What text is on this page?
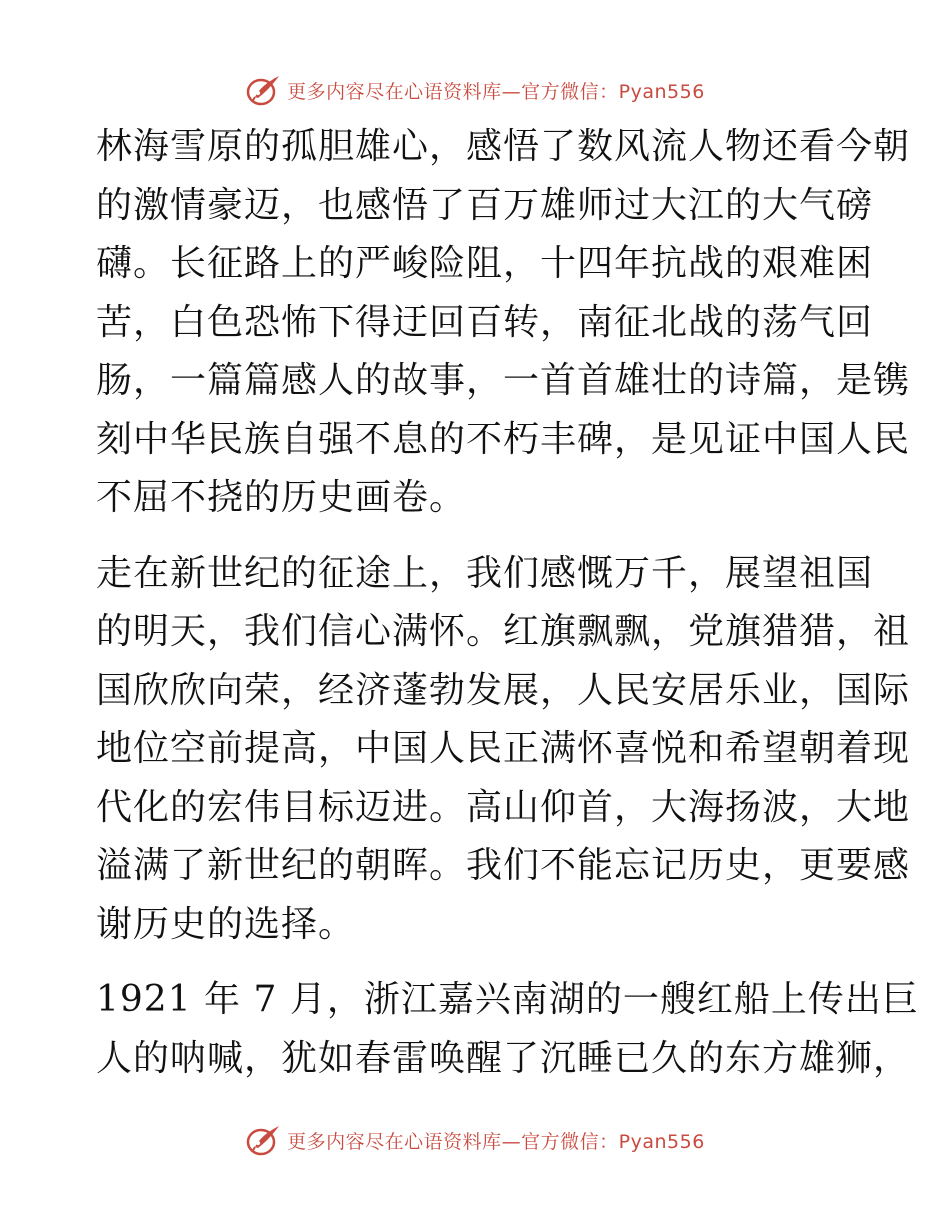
更多内容尽在心语资料库—官方微信：Pyan556

林海雪原的孤胆雄心，感悟了数风流人物还看今朝
的激情豪迈，也感悟了百万雄师过大江的大气磅
礴。长征路上的严峻险阻，十四年抗战的艰难困
苦，白色恐怖下得迂回百转，南征北战的荡气回
肠，一篇篇感人的故事，一首首雄壮的诗篇，是镌
刻中华民族自强不息的不朽丰碑，是见证中国人民
不屈不挠的历史画卷。

走在新世纪的征途上，我们感慨万千，展望祖国
的明天，我们信心满怀。红旗飘飘，党旗猎猎，祖
国欣欣向荣，经济蓬勃发展，人民安居乐业，国际
地位空前提高，中国人民正满怀喜悦和希望朝着现
代化的宏伟目标迈进。高山仰首，大海扬波，大地
溢满了新世纪的朝晖。我们不能忘记历史，更要感
谢历史的选择。

1921 年 7 月，浙江嘉兴南湖的一艘红船上传出巨
人的呐喊，犹如春雷唤醒了沉睡已久的东方雄狮，

更多内容尽在心语资料库—官方微信：Pyan556
